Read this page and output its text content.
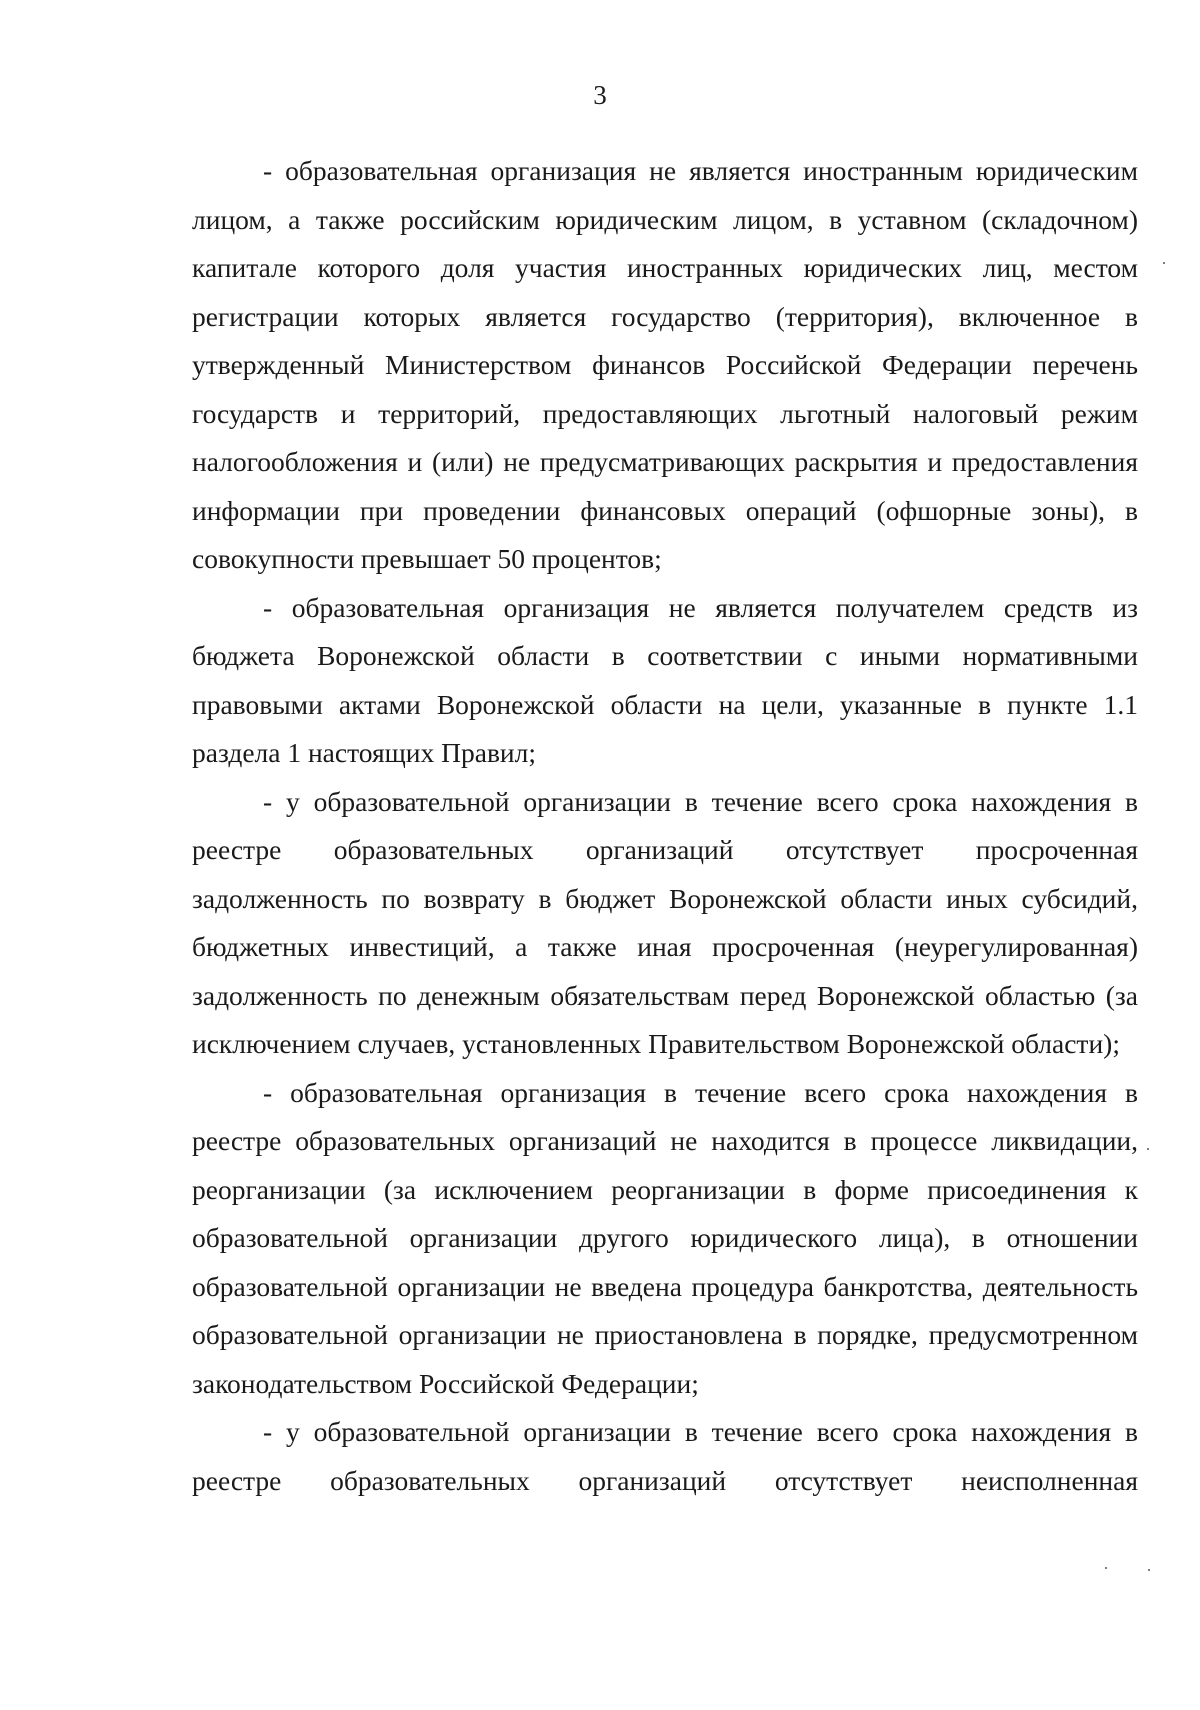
3

- образовательная организация не является иностранным юридическим лицом, а также российским юридическим лицом, в уставном (складочном) капитале которого доля участия иностранных юридических лиц, местом регистрации которых является государство (территория), включенное в утвержденный Министерством финансов Российской Федерации перечень государств и территорий, предоставляющих льготный налоговый режим налогообложения и (или) не предусматривающих раскрытия и предоставления информации при проведении финансовых операций (офшорные зоны), в совокупности превышает 50 процентов;

- образовательная организация не является получателем средств из бюджета Воронежской области в соответствии с иными нормативными правовыми актами Воронежской области на цели, указанные в пункте 1.1 раздела 1 настоящих Правил;

- у образовательной организации в течение всего срока нахождения в реестре образовательных организаций отсутствует просроченная задолженность по возврату в бюджет Воронежской области иных субсидий, бюджетных инвестиций, а также иная просроченная (неурегулированная) задолженность по денежным обязательствам перед Воронежской областью (за исключением случаев, установленных Правительством Воронежской области);

- образовательная организация в течение всего срока нахождения в реестре образовательных организаций не находится в процессе ликвидации, реорганизации (за исключением реорганизации в форме присоединения к образовательной организации другого юридического лица), в отношении образовательной организации не введена процедура банкротства, деятельность образовательной организации не приостановлена в порядке, предусмотренном законодательством Российской Федерации;

- у образовательной организации в течение всего срока нахождения в реестре образовательных организаций отсутствует неисполненная
